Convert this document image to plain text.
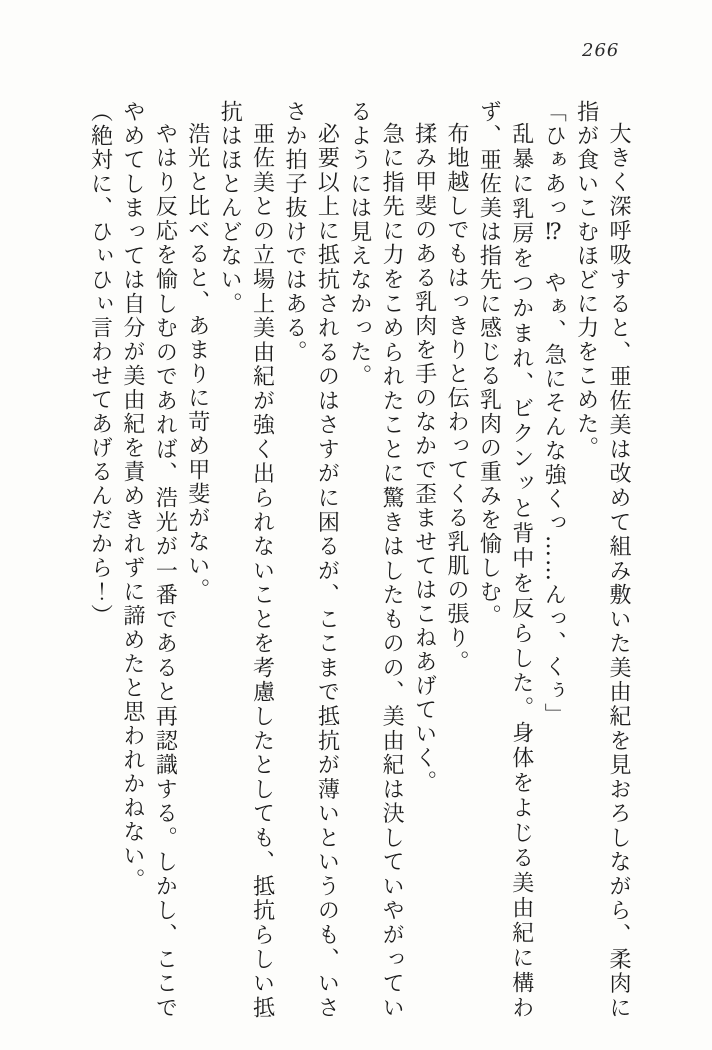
266

大きく深呼吸すると、亜佐美は改めて組み敷いた美由紀を見おろしながら、柔肉に指が食いこむほどに力をこめた。

「ひぁあっ⁉　やぁ、急にそんな強くっ……んっ、くぅ」

乱暴に乳房をつかまれ、ビクンッと背中を反らした。身体をよじる美由紀に構わず、亜佐美は指先に感じる乳肉の重みを愉しむ。

布地越しでもはっきりと伝わってくる乳肌の張り。

揉み甲斐のある乳肉を手のなかで歪ませてはこねあげていく。

急に指先に力をこめられたことに驚きはしたものの、美由紀は決していやがっているようには見えなかった。

必要以上に抵抗されるのはさすがに困るが、ここまで抵抗が薄いというのも、いささか拍子抜けではある。

亜佐美との立場上美由紀が強く出られないことを考慮したとしても、抵抗らしい抵抗はほとんどない。

浩光と比べると、あまりに苛め甲斐がない。

やはり反応を愉しむのであれば、浩光が一番であると再認識する。しかし、ここでやめてしまっては自分が美由紀を責めきれずに諦めたと思われかねない。

（絶対に、ひぃひぃ言わせてあげるんだから！）
